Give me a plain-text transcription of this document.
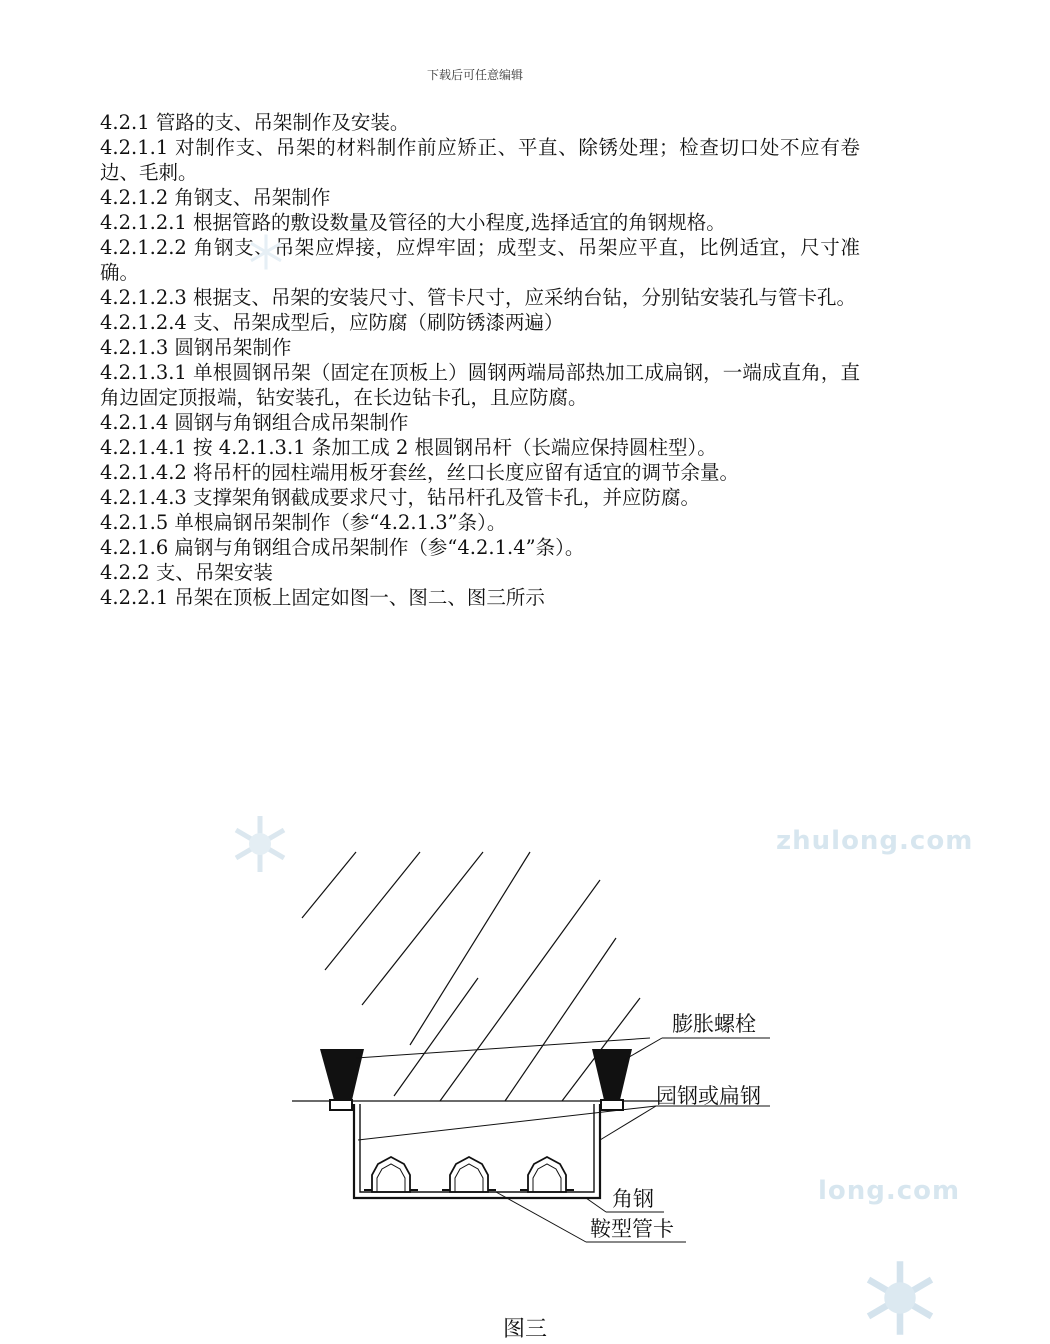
下载后可任意编辑

4.2.1 管路的支、吊架制作及安装。

4.2.1.1 对制作支、吊架的材料制作前应矫正、平直、除锈处理；检查切口处不应有卷边、毛刺。

4.2.1.2 角钢支、吊架制作

4.2.1.2.1 根据管路的敷设数量及管径的大小程度,选择适宜的角钢规格。

4.2.1.2.2 角钢支、吊架应焊接，应焊牢固；成型支、吊架应平直，比例适宜，尺寸准确。

4.2.1.2.3 根据支、吊架的安装尺寸、管卡尺寸，应采纳台钻，分别钻安装孔与管卡孔。

4.2.1.2.4 支、吊架成型后，应防腐（刷防锈漆两遍）

4.2.1.3 圆钢吊架制作

4.2.1.3.1 单根圆钢吊架（固定在顶板上）圆钢两端局部热加工成扁钢，一端成直角，直角边固定顶报端，钻安装孔，在长边钻卡孔，且应防腐。

4.2.1.4 圆钢与角钢组合成吊架制作

4.2.1.4.1 按 4.2.1.3.1 条加工成 2 根圆钢吊杆（长端应保持圆柱型）。

4.2.1.4.2 将吊杆的园柱端用板牙套丝，丝口长度应留有适宜的调节余量。

4.2.1.4.3 支撑架角钢截成要求尺寸，钻吊杆孔及管卡孔，并应防腐。

4.2.1.5 单根扁钢吊架制作（参“4.2.1.3”条）。

4.2.1.6 扁钢与角钢组合成吊架制作（参“4.2.1.4”条）。

4.2.2 支、吊架安装

4.2.2.1 吊架在顶板上固定如图一、图二、图三所示

zhulong.com
long.com
膨胀螺栓
园钢或扁钢
角钢
鞍型管卡
图三
